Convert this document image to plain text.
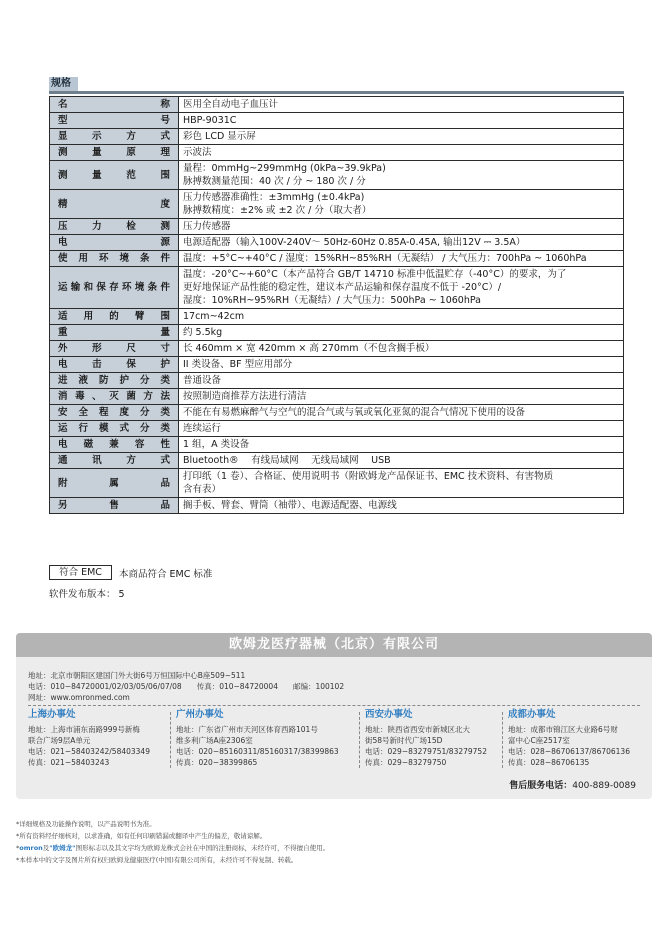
规格
名称	医用全自动电子血压计

型号	HBP-9031C

显示方式	彩色 LCD 显示屏

测量原理	示波法

测量范围	量程：0mmHg~299mmHg (0kPa~39.9kPa)
脉搏数测量范围：40 次 / 分 ~ 180 次 / 分

精度	压力传感器准确性：±3mmHg (±0.4kPa)
脉搏数精度：±2% 或 ±2 次 / 分（取大者）

压力检测	压力传感器

电源	电源适配器（输入100V-240V～ 50Hz-60Hz 0.85A-0.45A, 输出12V ⎓ 3.5A）

使用环境条件	温度：+5°C~+40°C / 湿度：15%RH~85%RH（无凝结） / 大气压力：700hPa ~ 1060hPa

运输和保存环境条件	温度：-20°C~+60°C（本产品符合 GB/T 14710 标准中低温贮存（-40°C）的要求，为了
更好地保证产品性能的稳定性，建议本产品运输和保存温度不低于 -20°C）/
湿度：10%RH~95%RH（无凝结）/ 大气压力：500hPa ~ 1060hPa

适用的臂围	17cm~42cm

重量	约 5.5kg

外形尺寸	长 460mm × 宽 420mm × 高 270mm（不包含搁手板）

电击保护	II 类设备、BF 型应用部分

进液防护分类	普通设备

消毒、灭菌方法	按照制造商推荐方法进行清洁

安全程度分类	不能在有易燃麻醉气与空气的混合气或与氧或氧化亚氮的混合气情况下使用的设备

运行模式分类	连续运行

电磁兼容性	1 组，A 类设备

通讯方式	Bluetooth®　 有线局域网　 无线局域网　 USB

附属品	打印纸（1 卷）、合格证、使用说明书（附欧姆龙产品保证书、EMC 技术资料、有害物质
含有表）

另售品	搁手板、臂套、臂筒（袖带）、电源适配器、电源线
符合 EMC	本商品符合 EMC 标准
软件发布版本： 5
欧姆龙医疗器械（北京）有限公司
地址：北京市朝阳区建国门外大街6号万恒国际中心B座509~511
电话：010−84720001/02/03/05/06/07/08　　传真：010−84720004　　邮编：100102
网址：www.omronmed.com
上海办事处
地址：上海市浦东南路999号新梅
联合广场9层A单元
电话：021−58403242/58403349
传真：021−58403243
广州办事处
地址：广东省广州市天河区体育西路101号
维多利广场A座2306室
电话：020−85160311/85160317/38399863
传真：020−38399865
西安办事处
地址：陕西省西安市新城区北大
街58号新时代广场15D
电话：029−83279751/83279752
传真：029−83279750
成都办事处
地址：成都市锦江区大业路6号财
富中心C座2517室
电话：028−86706137/86706136
传真：028−86706135
售后服务电话：400-889-0089
*详细规格及功能操作说明，以产品说明书为准。
*所有资料经仔细核对，以求准确，如有任何印刷错漏或翻译中产生的偏差，敬请谅解。
*omron及"欧姆龙"图形标志以及其文字均为欧姆龙株式会社在中国的注册商标，未经许可，不得擅自使用。
*本样本中的文字及图片所有权归欧姆龙健康医疗(中国)有限公司所有，未经许可不得复制、转载。
